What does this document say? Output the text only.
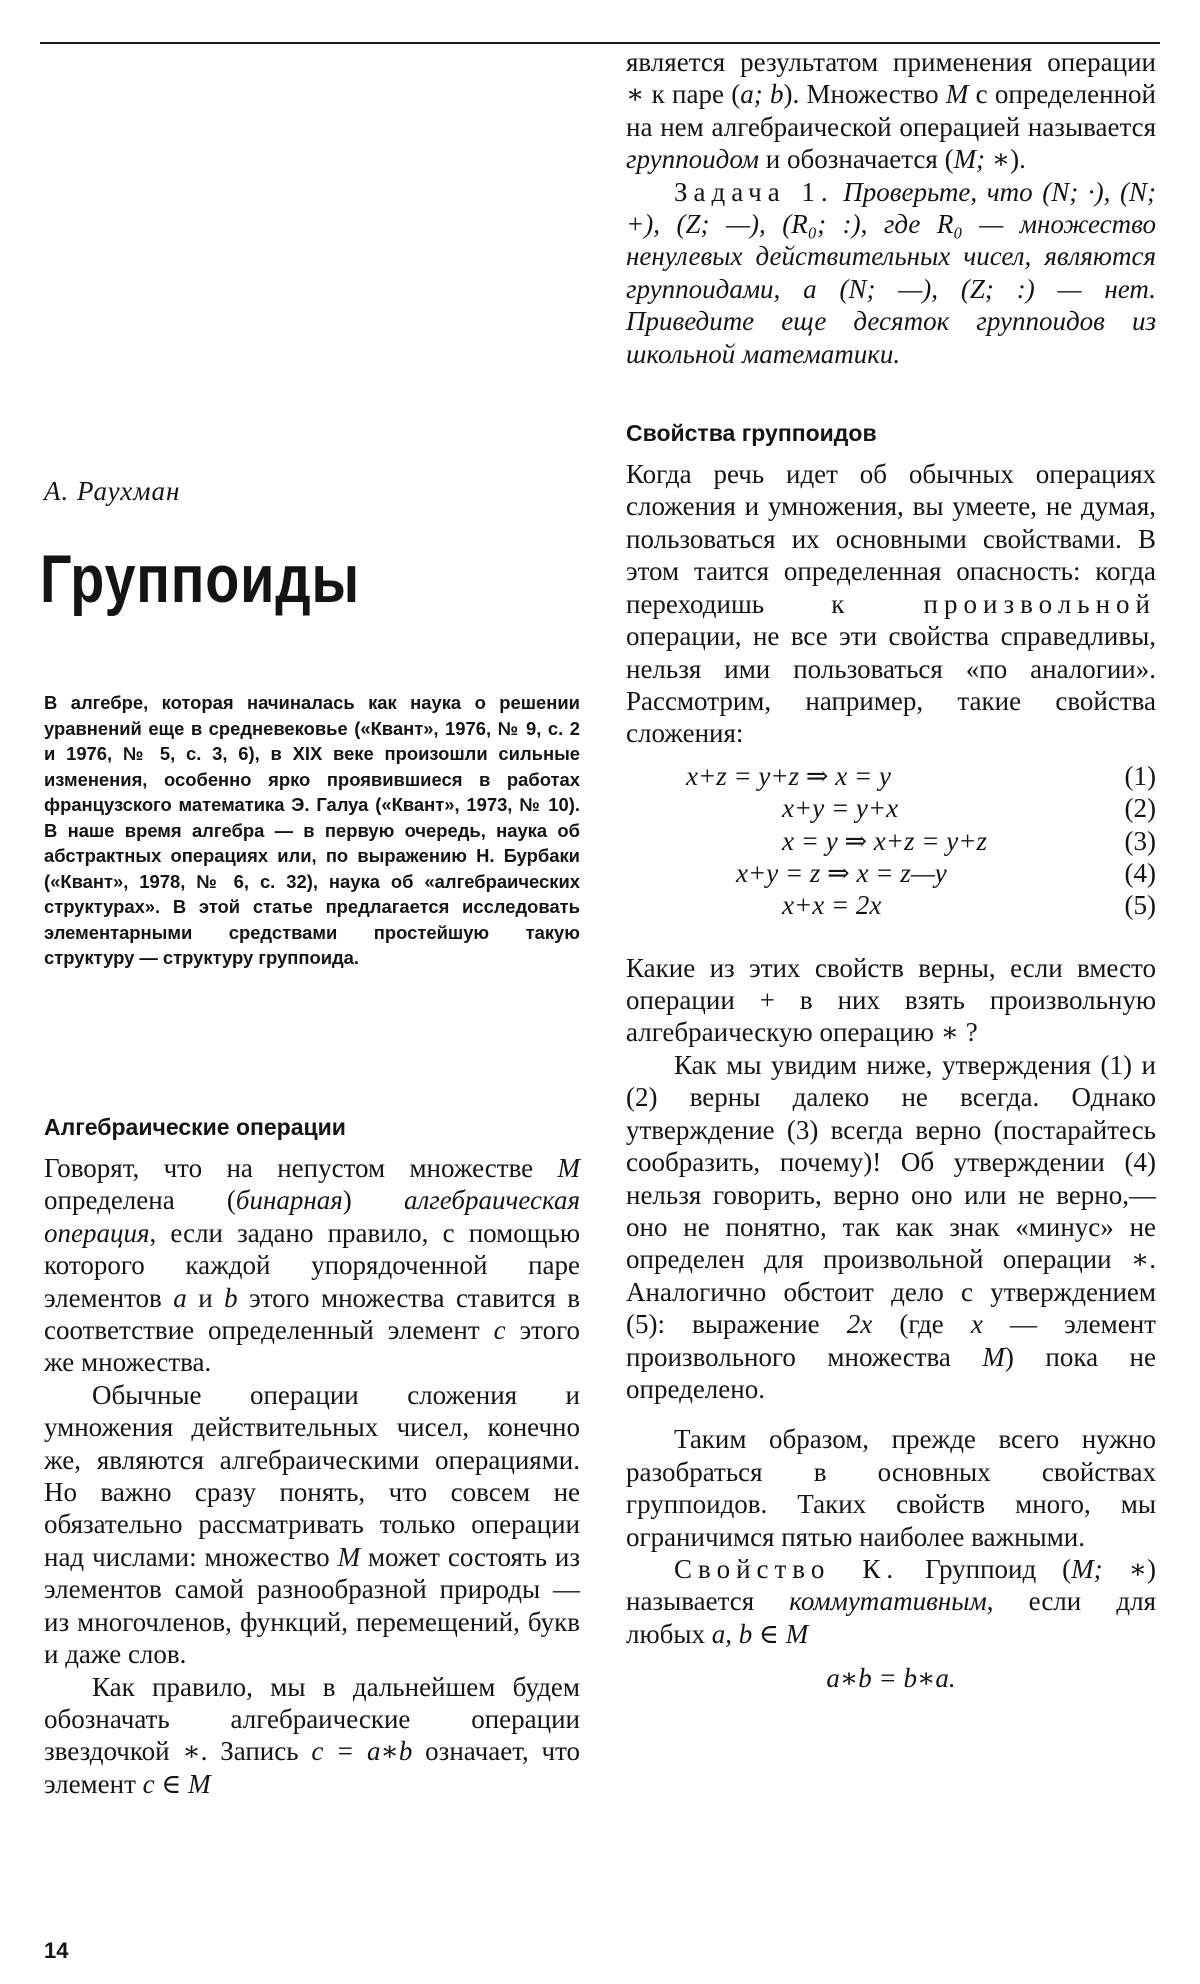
А. Раухман
Группоиды
В алгебре, которая начиналась как наука о решении уравнений еще в средневековье («Квант», 1976, № 9, с. 2 и 1976, № 5, с. 3, 6), в XIX веке произошли сильные изменения, особенно ярко проявившиеся в работах французского математика Э. Галуа («Квант», 1973, № 10). В наше время алгебра — в первую очередь, наука об абстрактных операциях или, по выражению Н. Бурбаки («Квант», 1978, № 6, с. 32), наука об «алгебраических структурах». В этой статье предлагается исследовать элементарными средствами простейшую такую структуру — структуру группоида.
Алгебраические операции

Говорят, что на непустом множестве M определена (бинарная) алгебраическая операция, если задано правило, с помощью которого каждой упорядоченной паре элементов a и b этого множества ставится в соответствие определенный элемент c этого же множества.

Обычные операции сложения и умножения действительных чисел, конечно же, являются алгебраическими операциями. Но важно сразу понять, что совсем не обязательно рассматривать только операции над числами: множество M может состоять из элементов самой разнообразной природы — из многочленов, функций, перемещений, букв и даже слов.

Как правило, мы в дальнейшем будем обозначать алгебраические операции звездочкой ∗. Запись c = a∗b означает, что элемент c ∈ M

является результатом применения операции ∗ к паре (a; b). Множество M с определенной на нем алгебраической операцией называется группоидом и обозначается (M; ∗).

Задача 1. Проверьте, что (N; ·), (N; +), (Z; —), (R₀; :), где R₀ — множество ненулевых действительных чисел, являются группоидами, а (N; —), (Z; :) — нет. Приведите еще десяток группоидов из школьной математики.

Свойства группоидов

Когда речь идет об обычных операциях сложения и умножения, вы умеете, не думая, пользоваться их основными свойствами. В этом таится определенная опасность: когда переходишь к произвольной операции, не все эти свойства справедливы, нельзя ими пользоваться «по аналогии». Рассмотрим, например, такие свойства сложения:

x+z = y+z ⇒ x = y	(1)
x+y = y+x	(2)
x = y ⇒ x+z = y+z	(3)
x+y = z ⇒ x = z—y	(4)
x+x = 2x	(5)

Какие из этих свойств верны, если вместо операции + в них взять произвольную алгебраическую операцию ∗ ?

Как мы увидим ниже, утверждения (1) и (2) верны далеко не всегда. Однако утверждение (3) всегда верно (постарайтесь сообразить, почему)! Об утверждении (4) нельзя говорить, верно оно или не верно,— оно не понятно, так как знак «минус» не определен для произвольной операции ∗. Аналогично обстоит дело с утверждением (5): выражение 2x (где x — элемент произвольного множества M) пока не определено.

Таким образом, прежде всего нужно разобраться в основных свойствах группоидов. Таких свойств много, мы ограничимся пятью наиболее важными.

Свойство К. Группоид (M; ∗) называется коммутативным, если для любых a, b ∈ M

a∗b = b∗a.
14
